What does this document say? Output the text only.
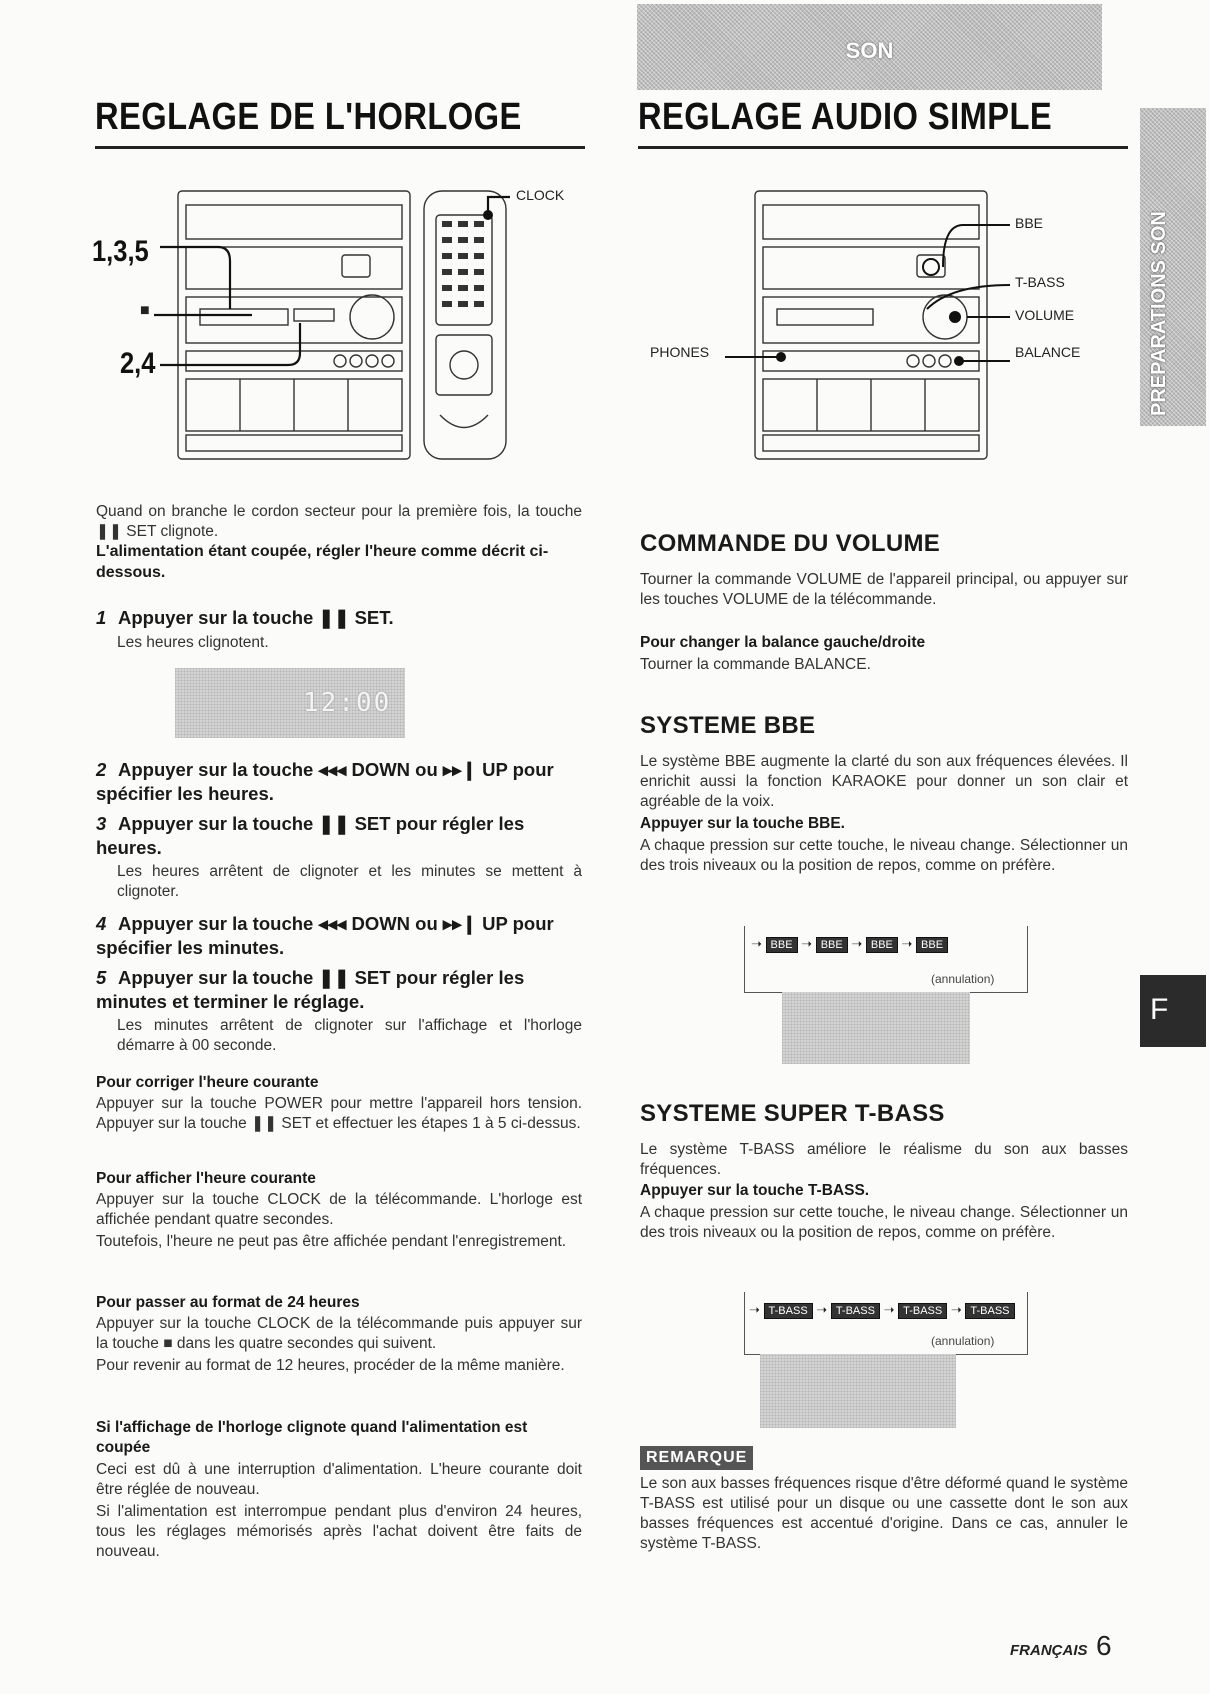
SON
REGLAGE DE L'HORLOGE	REGLAGE AUDIO SIMPLE
PREPARATIONS SON
F
CLOCK
1,3,5
■
2,4
BBE
T-BASS
VOLUME
BALANCE
PHONES
Quand on branche le cordon secteur pour la première fois, la touche ❚❚ SET clignote.
L'alimentation étant coupée, régler l'heure comme décrit ci-dessous.
1 Appuyer sur la touche ❚❚ SET.
Les heures clignotent.
12:00
2 Appuyer sur la touche ◂◂◂ DOWN ou ▸▸❙ UP pour spécifier les heures.
3 Appuyer sur la touche ❚❚ SET pour régler les heures.
Les heures arrêtent de clignoter et les minutes se mettent à clignoter.
4 Appuyer sur la touche ◂◂◂ DOWN ou ▸▸❙ UP pour spécifier les minutes.
5 Appuyer sur la touche ❚❚ SET pour régler les minutes et terminer le réglage.
Les minutes arrêtent de clignoter sur l'affichage et l'horloge démarre à 00 seconde.
Pour corriger l'heure courante
Appuyer sur la touche POWER pour mettre l'appareil hors tension. Appuyer sur la touche ❚❚ SET et effectuer les étapes 1 à 5 ci-dessus.
Pour afficher l'heure courante
Appuyer sur la touche CLOCK de la télécommande. L'horloge est affichée pendant quatre secondes.
Toutefois, l'heure ne peut pas être affichée pendant l'enregistrement.
Pour passer au format de 24 heures
Appuyer sur la touche CLOCK de la télécommande puis appuyer sur la touche ■ dans les quatre secondes qui suivent.
Pour revenir au format de 12 heures, procéder de la même manière.
Si l'affichage de l'horloge clignote quand l'alimentation est coupée
Ceci est dû à une interruption d'alimentation. L'heure courante doit être réglée de nouveau.
Si l'alimentation est interrompue pendant plus d'environ 24 heures, tous les réglages mémorisés après l'achat doivent être faits de nouveau.
COMMANDE DU VOLUME
Tourner la commande VOLUME de l'appareil principal, ou appuyer sur les touches VOLUME de la télécommande.
Pour changer la balance gauche/droite
Tourner la commande BALANCE.
SYSTEME BBE
Le système BBE augmente la clarté du son aux fréquences élevées. Il enrichit aussi la fonction KARAOKE pour donner un son clair et agréable de la voix.
Appuyer sur la touche BBE.
A chaque pression sur cette touche, le niveau change. Sélectionner un des trois niveaux ou la position de repos, comme on préfère.
➝ BBE ➝ BBE ➝ BBE ➝ BBE
(annulation)
SYSTEME SUPER T-BASS
Le système T-BASS améliore le réalisme du son aux basses fréquences.
Appuyer sur la touche T-BASS.
A chaque pression sur cette touche, le niveau change. Sélectionner un des trois niveaux ou la position de repos, comme on préfère.
➝ T-BASS ➝ T-BASS ➝ T-BASS ➝ T-BASS
(annulation)
REMARQUE
Le son aux basses fréquences risque d'être déformé quand le système T-BASS est utilisé pour un disque ou une cassette dont le son aux basses fréquences est accentué d'origine. Dans ce cas, annuler le système T-BASS.
FRANÇAIS 6
